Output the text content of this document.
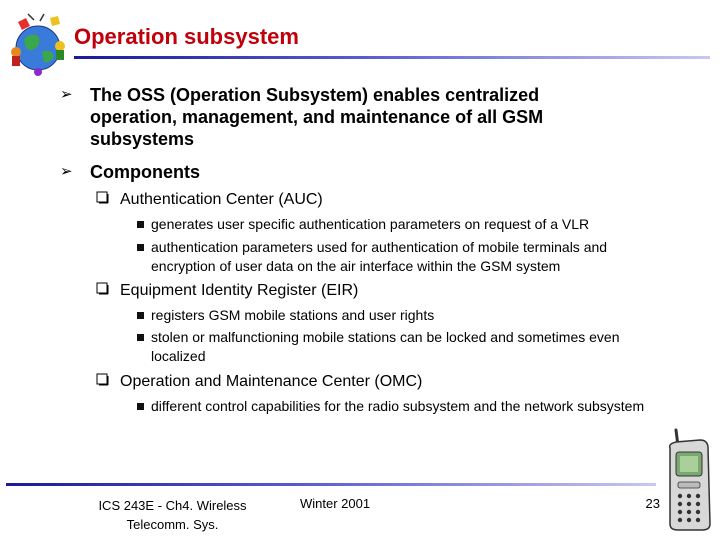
Operation subsystem
➢ The OSS (Operation Subsystem) enables centralized operation, management, and maintenance of all GSM subsystems
➢ Components
Authentication Center (AUC)
generates user specific authentication parameters on request of a VLR
authentication parameters used for authentication of mobile terminals and encryption of user data on the air interface within the GSM system
Equipment Identity Register (EIR)
registers GSM mobile stations and user rights
stolen or malfunctioning mobile stations can be locked and sometimes even localized
Operation and Maintenance Center (OMC)
different control capabilities for the radio subsystem and the network subsystem
ICS 243E - Ch4. Wireless Telecomm. Sys.
Winter 2001	23
